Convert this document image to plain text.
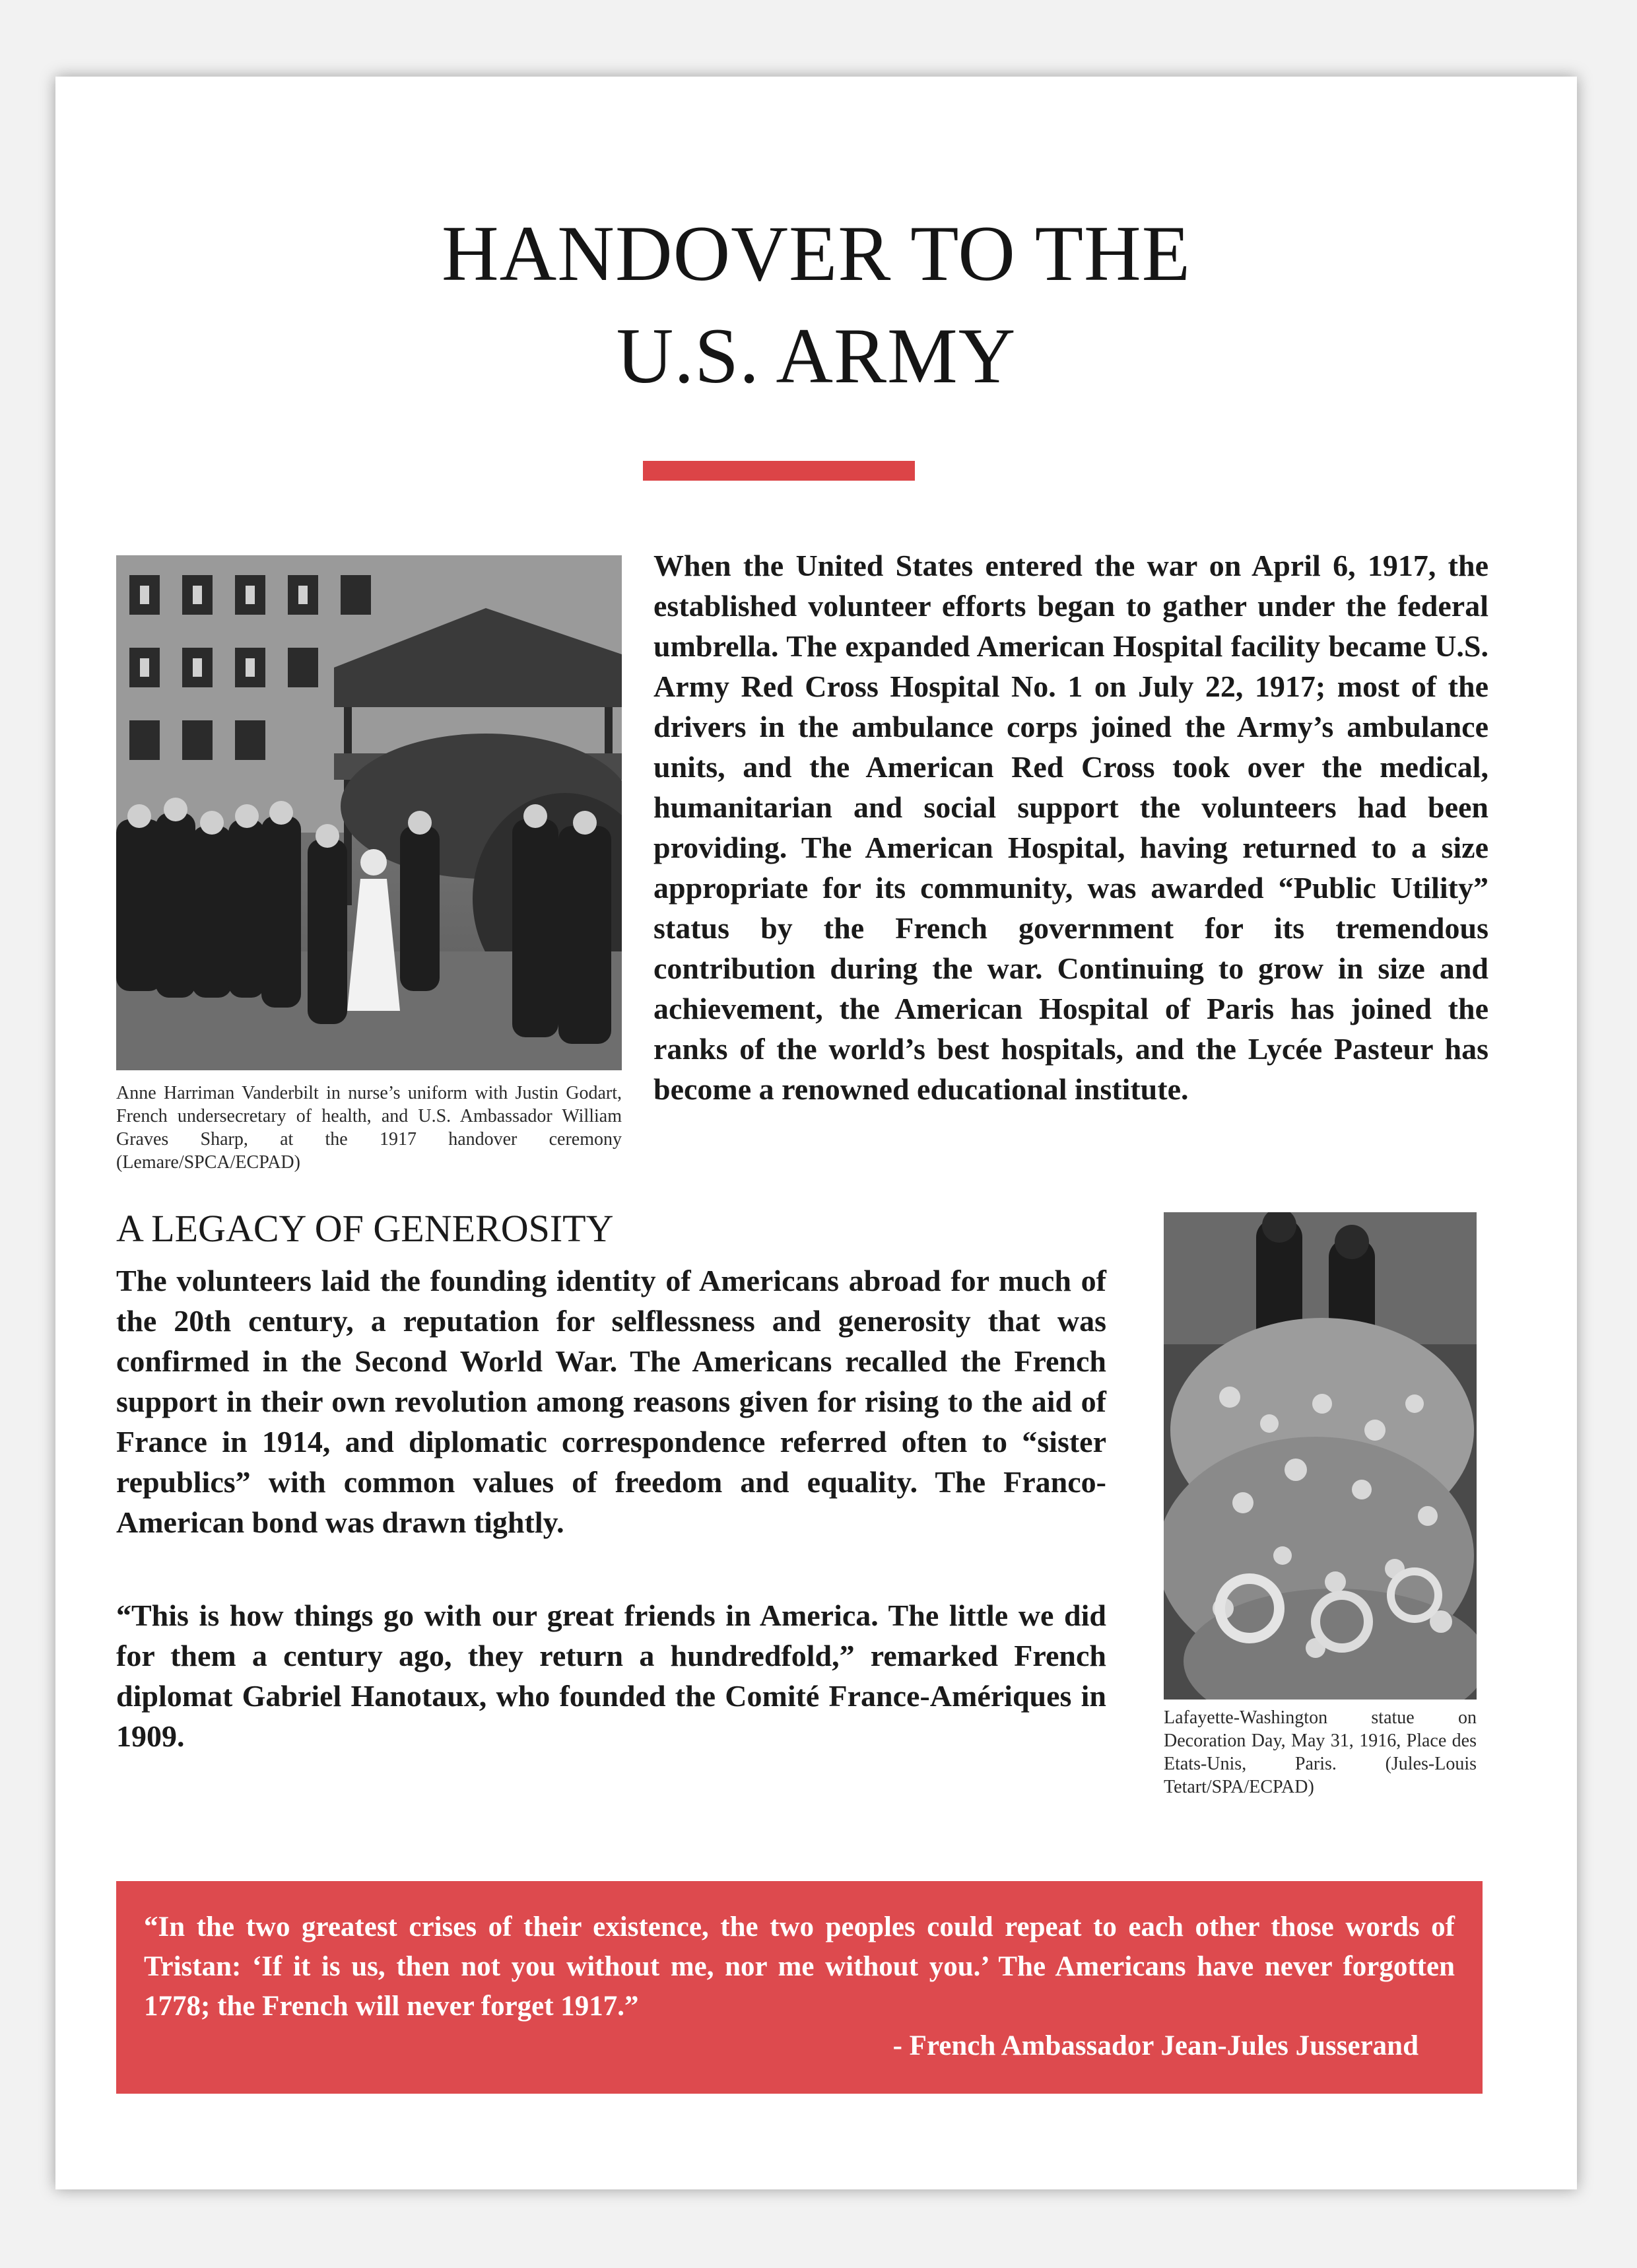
HANDOVER TO THE
U.S. ARMY
Anne Harriman Vanderbilt in nurse’s uniform with Justin Godart, French undersecretary of health, and U.S. Ambassador William Graves Sharp, at the 1917 handover ceremony (Lemare/SPCA/ECPAD)

When the United States entered the war on April 6, 1917, the established volunteer efforts began to gather under the federal umbrella. The expanded American Hospital facility became U.S. Army Red Cross Hospital No. 1 on July 22, 1917; most of the drivers in the ambulance corps joined the Army’s ambulance units, and the American Red Cross took over the medical, humanitarian and social support the volunteers had been providing. The American Hospital, having returned to a size appropriate for its community, was awarded “Public Utility” status by the French government for its tremendous contribution during the war. Continuing to grow in size and achievement, the American Hospital of Paris has joined the ranks of the world’s best hospitals, and the Lycée Pasteur has become a renowned educational institute.

A LEGACY OF GENEROSITY

The volunteers laid the founding identity of Americans abroad for much of the 20th century, a reputation for selflessness and generosity that was confirmed in the Second World War. The Americans recalled the French support in their own revolution among reasons given for rising to the aid of France in 1914, and diplomatic correspondence referred often to “sister republics” with common values of freedom and equality. The Franco-American bond was drawn tightly.

“This is how things go with our great friends in America. The little we did for them a century ago, they return a hundredfold,” remarked French diplomat Gabriel Hanotaux, who founded the Comité France-Amériques in 1909.

Lafayette-Washington statue on Decoration Day, May 31, 1916, Place des Etats-Unis, Paris. (Jules-Louis Tetart/SPA/ECPAD)

“In the two greatest crises of their existence, the two peoples could repeat to each other those words of Tristan: ‘If it is us, then not you without me, nor me without you.’ The Americans have never forgotten 1778; the French will never forget 1917.”

- French Ambassador Jean-Jules Jusserand
